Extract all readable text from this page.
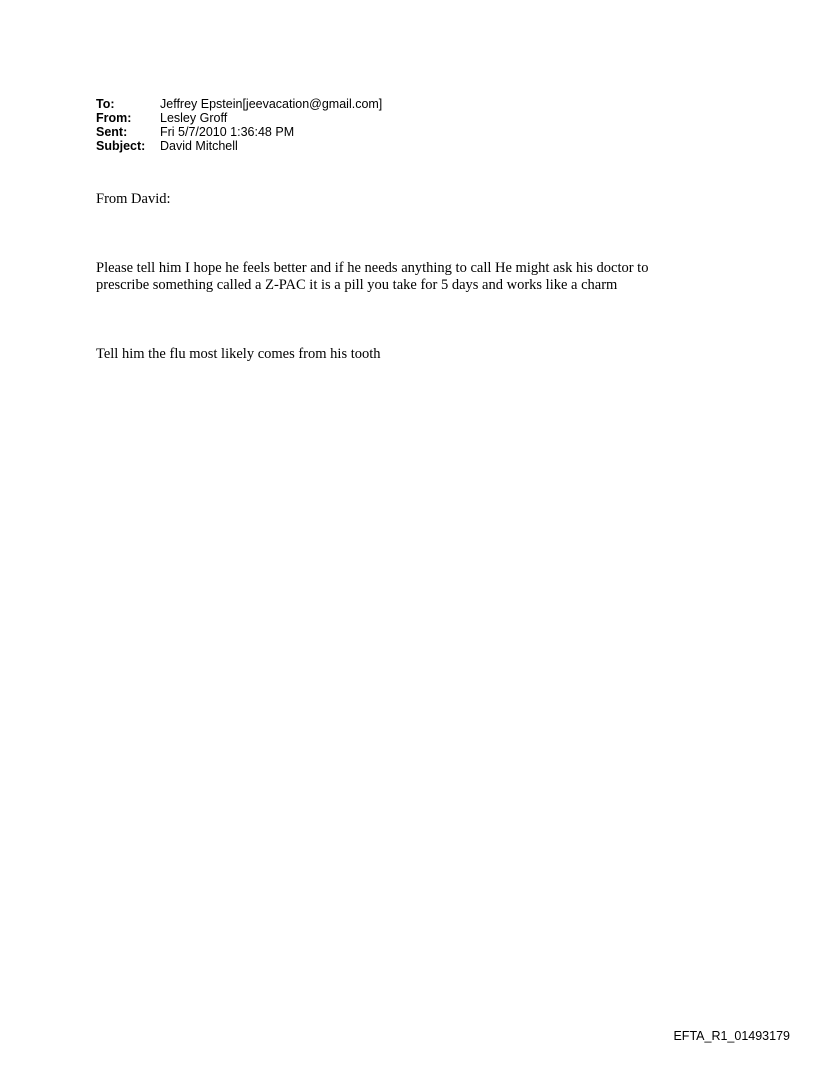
To:	Jeffrey Epstein[jeevacation@gmail.com]
From:	Lesley Groff
Sent:	Fri 5/7/2010 1:36:48 PM
Subject:	David Mitchell
From David:
Please tell him I hope he feels better and if he needs anything to call He might ask his doctor to
prescribe something called a Z-PAC it is a pill you take for 5 days and works like a charm
Tell him the flu most likely comes from his tooth
EFTA_R1_01493179
